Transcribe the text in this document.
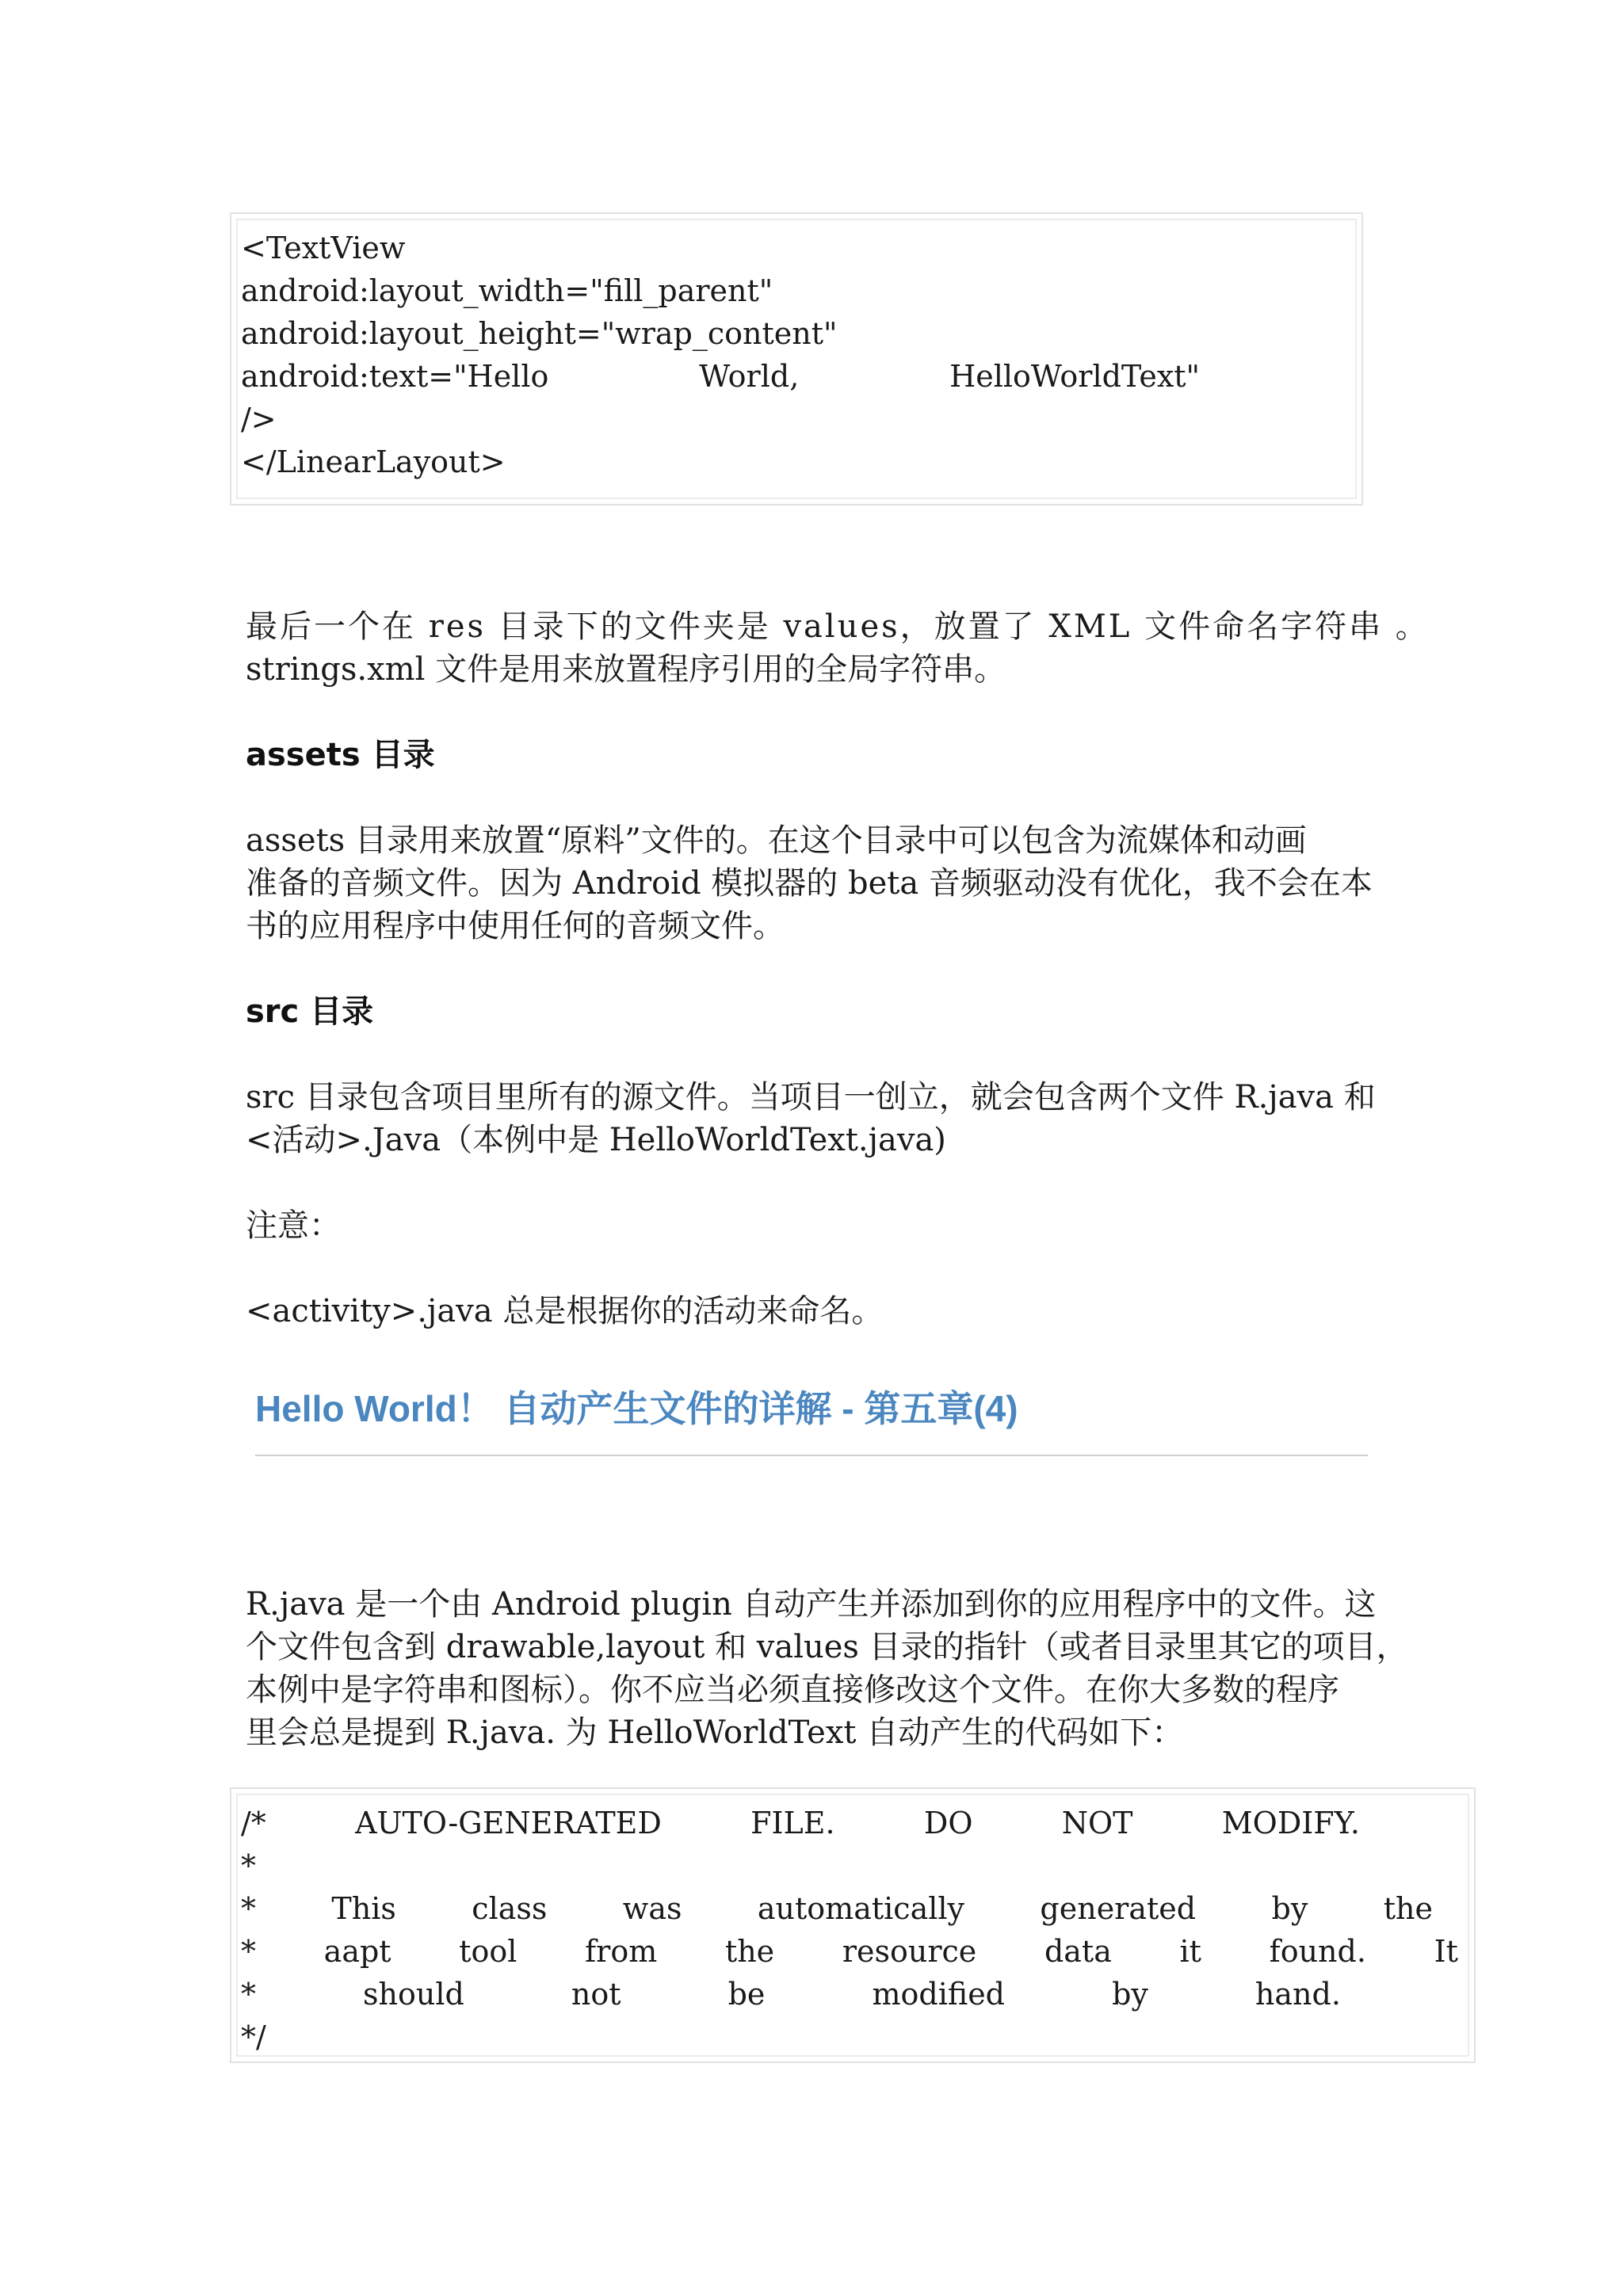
<TextView
android:layout_width="fill_parent"
android:layout_height="wrap_content"
android:text="Hello	World,	HelloWorldText"
/>
</LinearLayout>
最后一个在 res 目录下的文件夹是 values，放置了 XML 文件命名字符串 。
strings.xml 文件是用来放置程序引用的全局字符串。
assets 目录
assets 目录用来放置“原料”文件的。在这个目录中可以包含为流媒体和动画
准备的音频文件。因为 Android 模拟器的 beta 音频驱动没有优化，我不会在本
书的应用程序中使用任何的音频文件。
src 目录
src 目录包含项目里所有的源文件。当项目一创立，就会包含两个文件 R.java 和
<活动>.Java（本例中是 HelloWorldText.java)
注意：
<activity>.java 总是根据你的活动来命名。
Hello World！ 自动产生文件的详解 - 第五章(4)
R.java 是一个由 Android plugin 自动产生并添加到你的应用程序中的文件。这
个文件包含到 drawable,layout 和 values 目录的指针（或者目录里其它的项目，
本例中是字符串和图标）。你不应当必须直接修改这个文件。在你大多数的程序
里会总是提到 R.java. 为 HelloWorldText 自动产生的代码如下：
/*	AUTO-GENERATED	FILE.	DO	NOT	MODIFY.
*
*	This	class	was	automatically	generated	by	the
* aapt tool from the resource data it found. It
*	should	not	be	modified	by	hand.
*/
